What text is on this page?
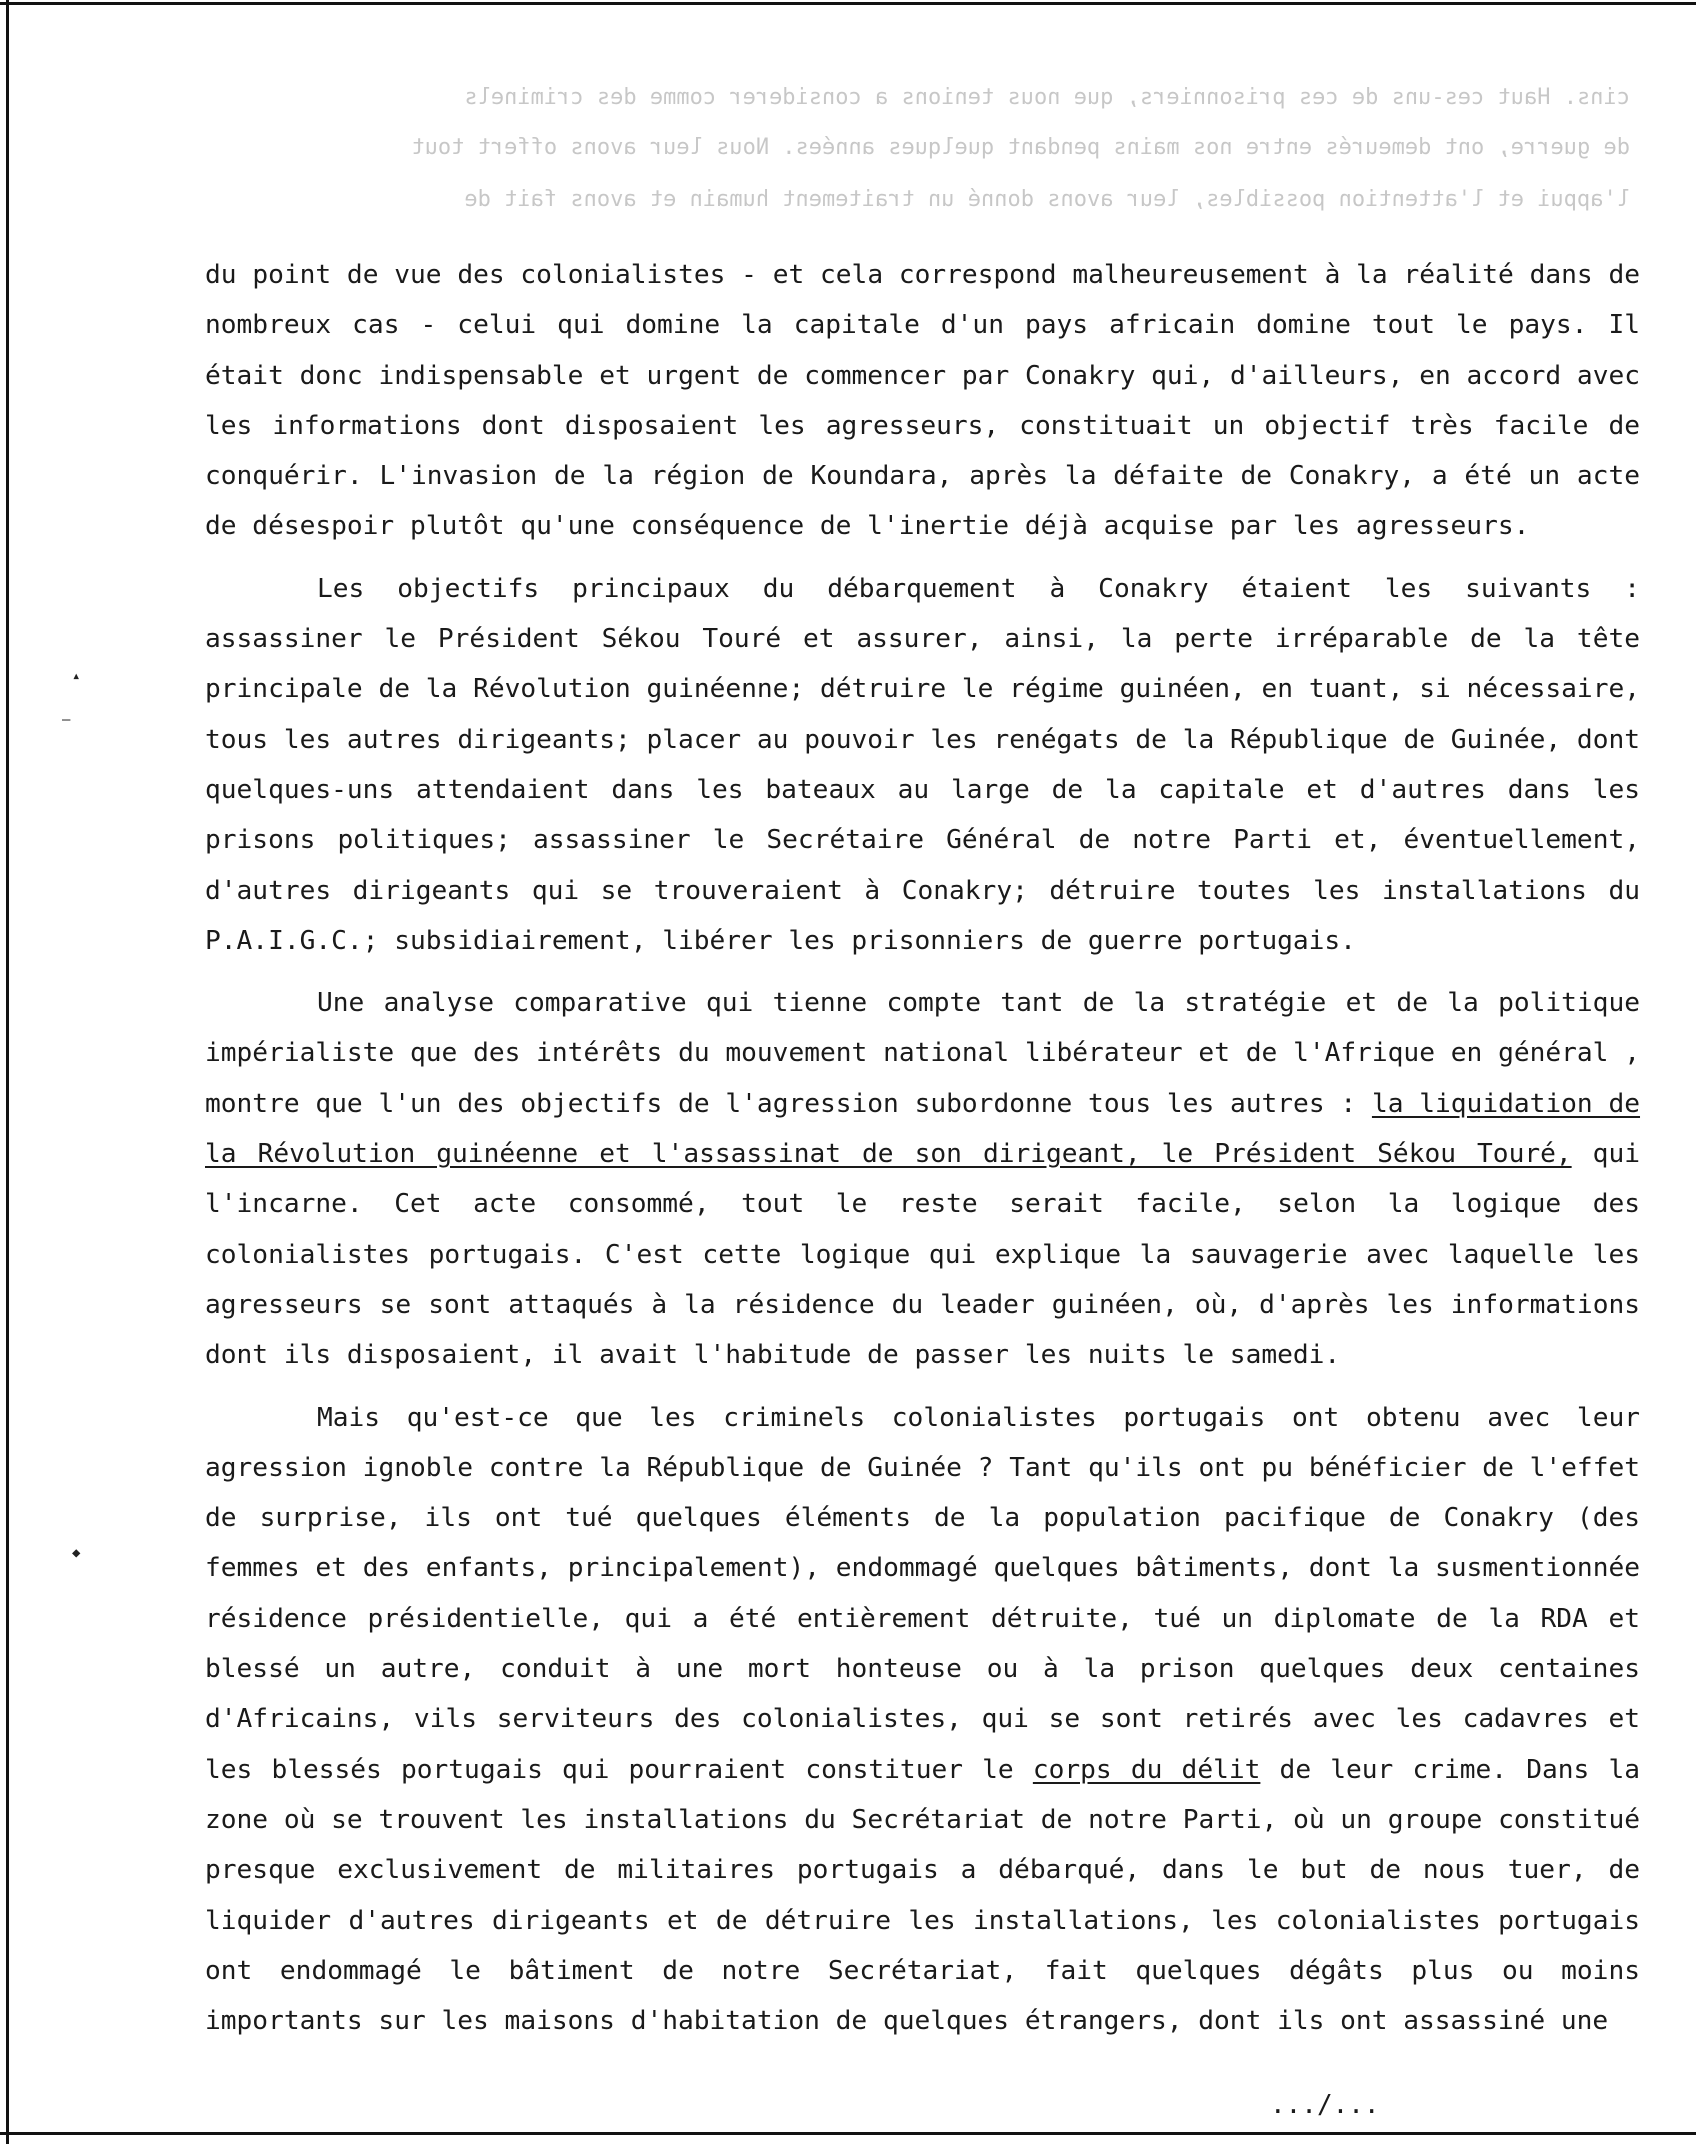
cins. Haut ces-uns de ces prisonniers, que nous tenions a considerer comme des criminels
de guerre, ont demeurés entre nos mains pendant quelques années. Nous leur avons offert tout
l'appui et l'attention possibles, leur avons donné un traitement humain et avons fait de
▴
—
◆

du point de vue des colonialistes - et cela correspond malheureusement à la réalité dans de nombreux cas - celui qui domine la capitale d'un pays africain domine tout le pays. Il était donc indispensable et urgent de commencer par Conakry qui, d'ailleurs, en accord avec les informations dont disposaient les agresseurs, constituait un objectif très facile de conquérir. L'invasion de la région de Koundara, après la défaite de Conakry, a été un acte de désespoir plutôt qu'une conséquence de l'inertie déjà acquise par les agresseurs.

Les objectifs principaux du débarquement à Conakry étaient les suivants : assassiner le Président Sékou Touré et assurer, ainsi, la perte irréparable de la tête principale de la Révolution guinéenne; détruire le régime guinéen, en tuant, si nécessaire, tous les autres dirigeants; placer au pouvoir les renégats de la République de Guinée, dont quelques-uns attendaient dans les bateaux au large de la capitale et d'autres dans les prisons politiques; assassiner le Secrétaire Général de notre Parti et, éventuellement, d'autres dirigeants qui se trouveraient à Conakry; détruire toutes les installations du P.A.I.G.C.; subsidiairement, libérer les prisonniers de guerre portugais.

Une analyse comparative qui tienne compte tant de la stratégie et de la politique impérialiste que des intérêts du mouvement national libérateur et de l'Afrique en général , montre que l'un des objectifs de l'agression subordonne tous les autres : la liquidation de la Révolution guinéenne et l'assassinat de son dirigeant, le Président Sékou Touré, qui l'incarne. Cet acte consommé, tout le reste serait facile, selon la logique des colonialistes portugais. C'est cette logique qui explique la sauvagerie avec laquelle les agresseurs se sont attaqués à la résidence du leader guinéen, où, d'après les informations dont ils disposaient, il avait l'habitude de passer les nuits le samedi.

Mais qu'est-ce que les criminels colonialistes portugais ont obtenu avec leur agression ignoble contre la République de Guinée ? Tant qu'ils ont pu bénéficier de l'effet de surprise, ils ont tué quelques éléments de la population pacifique de Conakry (des femmes et des enfants, principalement), endommagé quelques bâtiments, dont la susmentionnée résidence présidentielle, qui a été entièrement détruite, tué un diplomate de la RDA et blessé un autre, conduit à une mort honteuse ou à la prison quelques deux centaines d'Africains, vils serviteurs des colonialistes, qui se sont retirés avec les cadavres et les blessés portugais qui pourraient constituer le corps du délit de leur crime. Dans la zone où se trouvent les installations du Secrétariat de notre Parti, où un groupe constitué presque exclusivement de militaires portugais a débarqué, dans le but de nous tuer, de liquider d'autres dirigeants et de détruire les installations, les colonialistes portugais ont endommagé le bâtiment de notre Secrétariat, fait quelques dégâts plus ou moins importants sur les maisons d'habitation de quelques étrangers, dont ils ont assassiné une

.../...
